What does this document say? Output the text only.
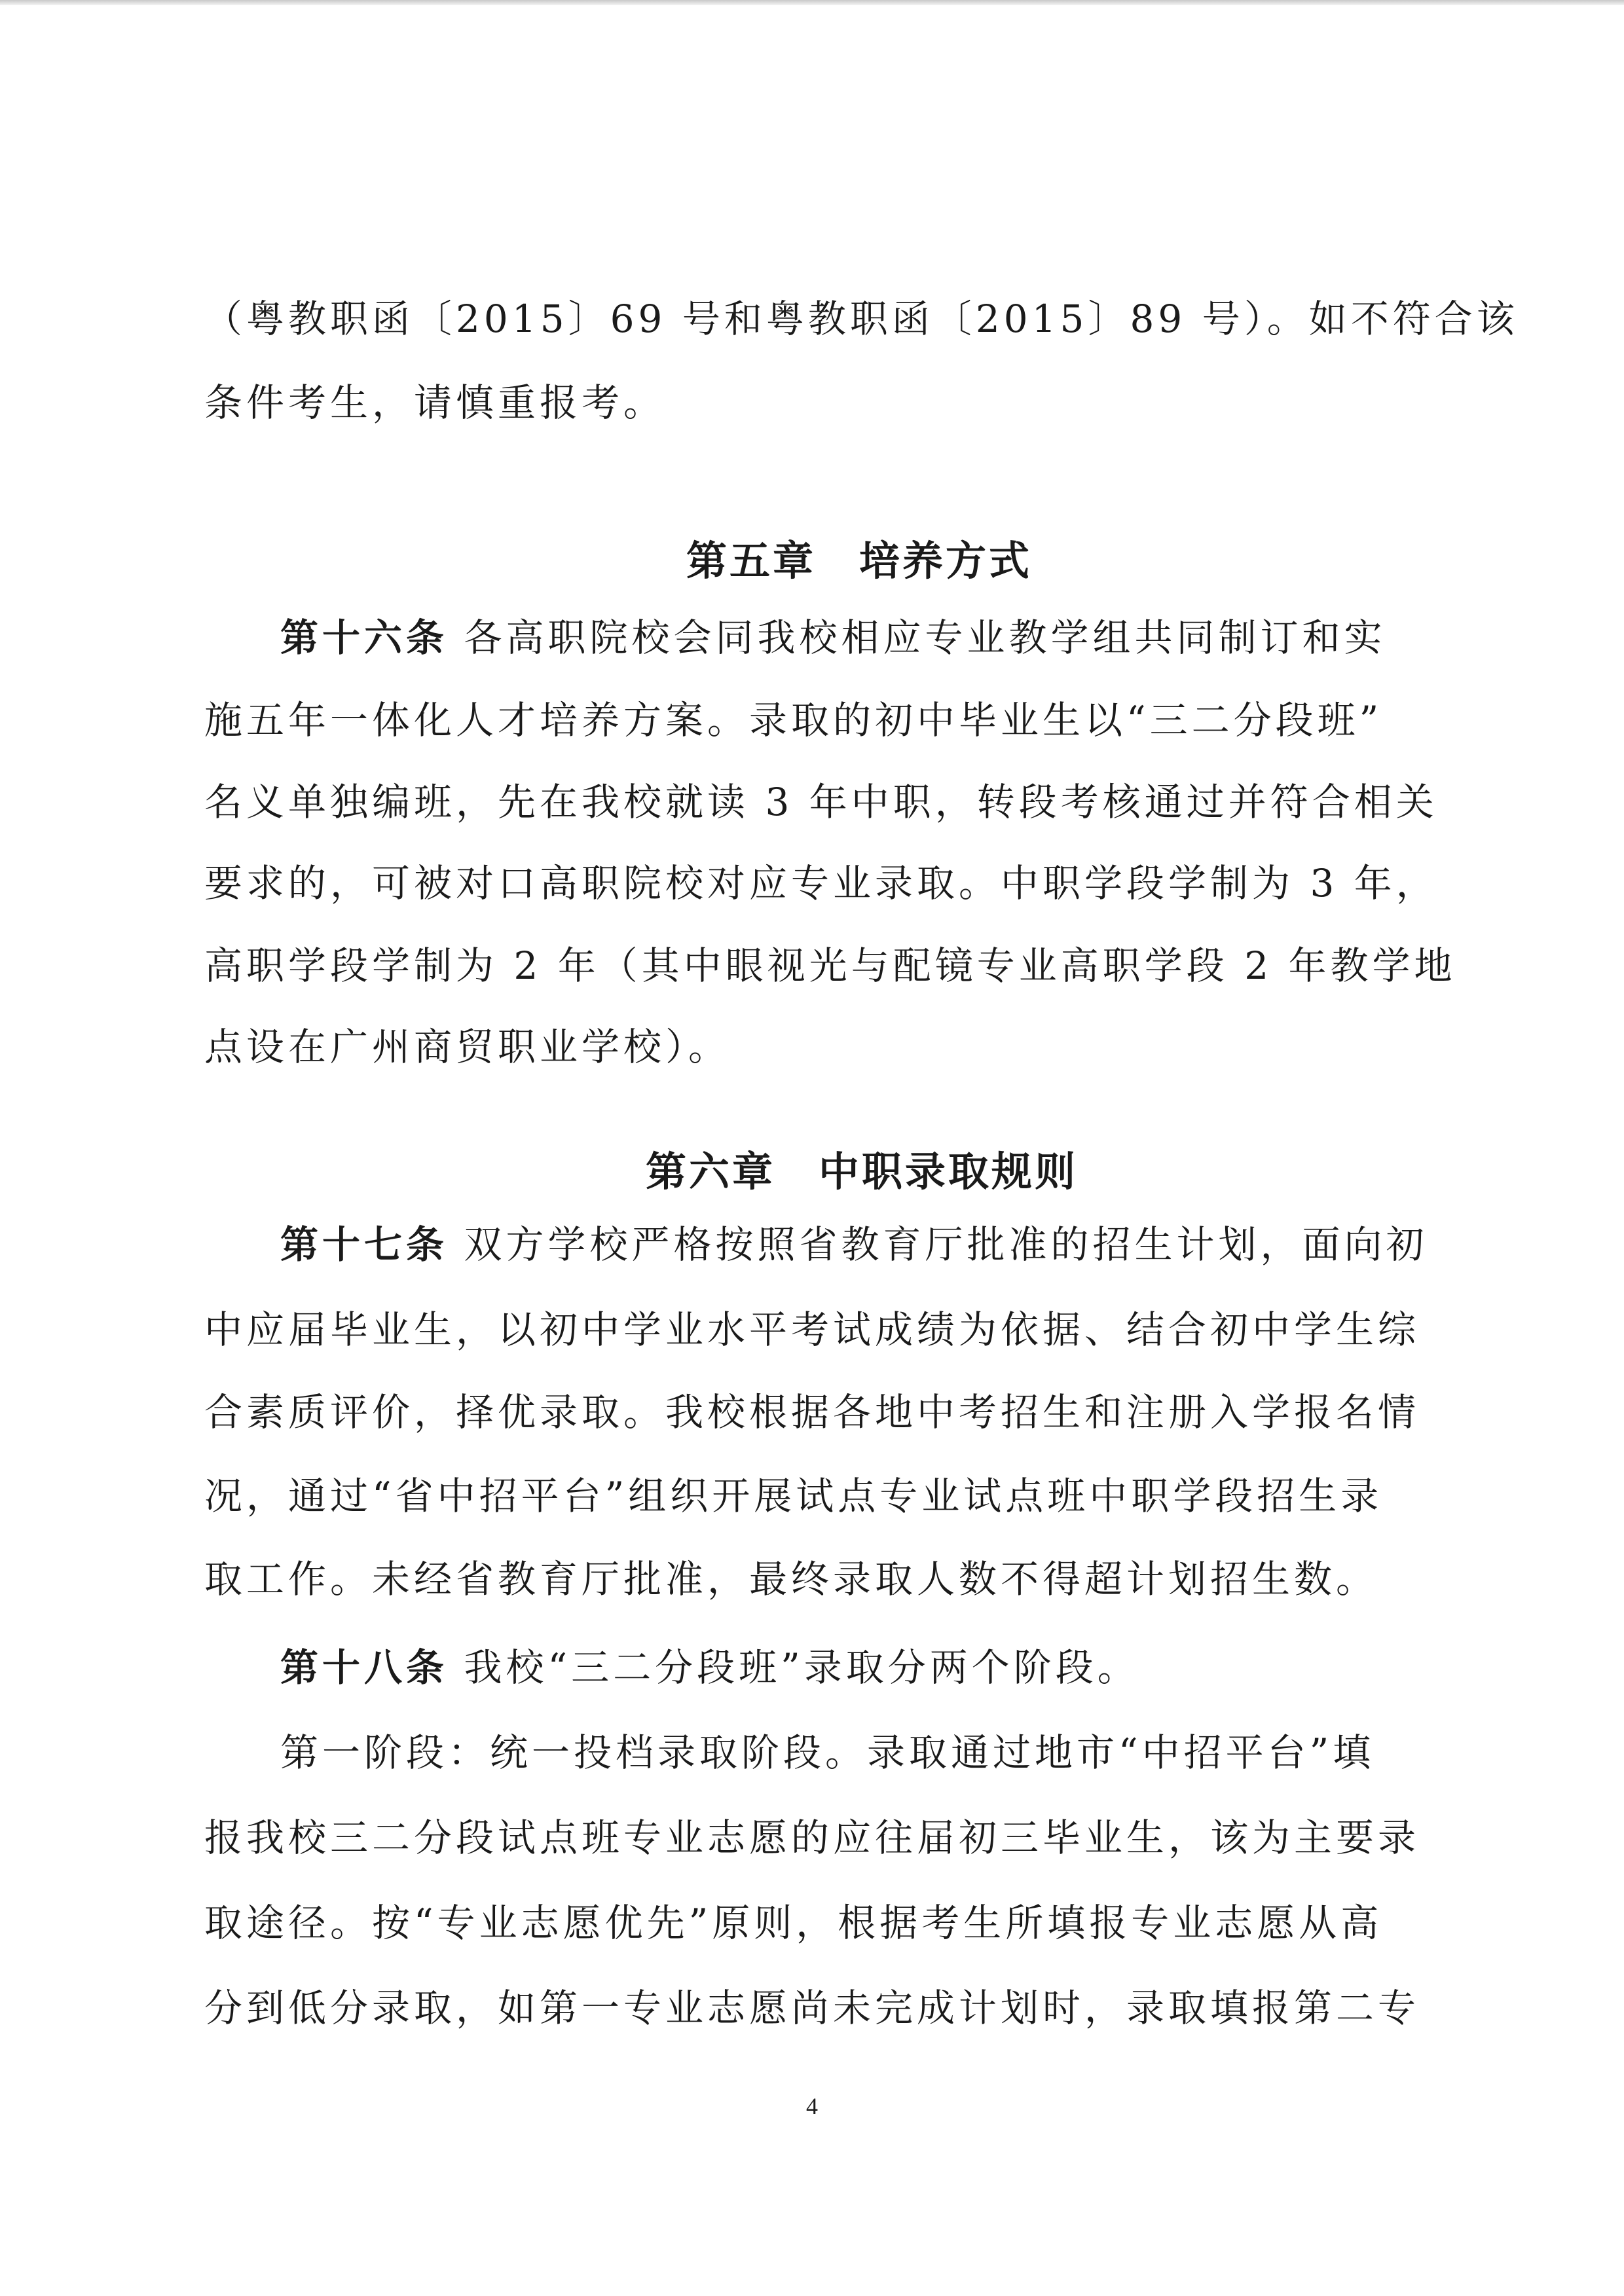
（粤教职函〔2015〕69 号和粤教职函〔2015〕89 号）。如不符合该
条件考生，请慎重报考。
第五章　培养方式
第十六条 各高职院校会同我校相应专业教学组共同制订和实
施五年一体化人才培养方案。录取的初中毕业生以“三二分段班”
名义单独编班，先在我校就读 3 年中职，转段考核通过并符合相关
要求的，可被对口高职院校对应专业录取。中职学段学制为 3 年，
高职学段学制为 2 年（其中眼视光与配镜专业高职学段 2 年教学地
点设在广州商贸职业学校）。
第六章　中职录取规则
第十七条 双方学校严格按照省教育厅批准的招生计划，面向初
中应届毕业生，以初中学业水平考试成绩为依据、结合初中学生综
合素质评价，择优录取。我校根据各地中考招生和注册入学报名情
况，通过“省中招平台”组织开展试点专业试点班中职学段招生录
取工作。未经省教育厅批准，最终录取人数不得超计划招生数。
第十八条 我校“三二分段班”录取分两个阶段。
第一阶段：统一投档录取阶段。录取通过地市“中招平台”填
报我校三二分段试点班专业志愿的应往届初三毕业生，该为主要录
取途径。按“专业志愿优先”原则，根据考生所填报专业志愿从高
分到低分录取，如第一专业志愿尚未完成计划时，录取填报第二专
4
